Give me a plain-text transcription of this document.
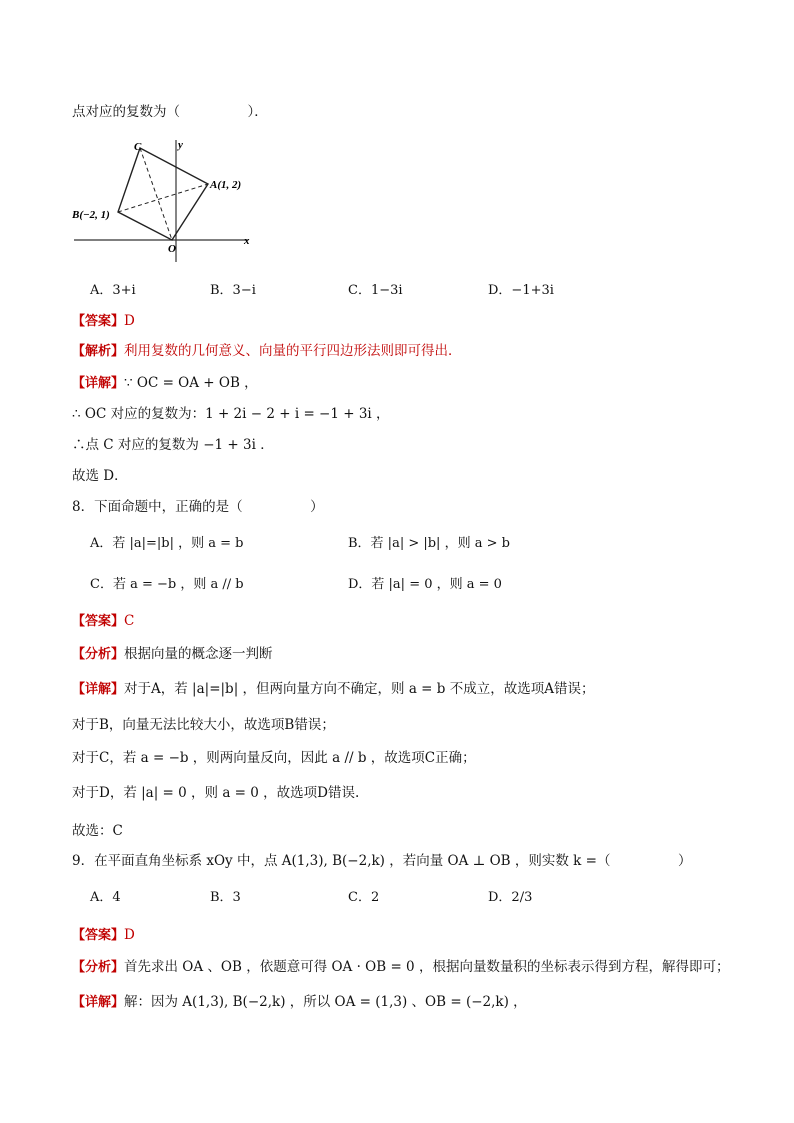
点对应的复数为（　　　　　）．
C
A(1, 2)
B(−2, 1)
O
y
x
A．3+i	B．3−i	C．1−3i	D．−1+3i
【答案】D
【解析】利用复数的几何意义、向量的平行四边形法则即可得出．
【详解】∵ OC = OA + OB ，
∴ OC 对应的复数为：1 + 2i − 2 + i = −1 + 3i ，
∴点 C 对应的复数为 −1 + 3i ．
故选 D．
8．下面命题中，正确的是（　　　　　）
A．若 |a|=|b| ，则 a = b	B．若 |a| > |b| ，则 a > b
C．若 a = −b ，则 a // b	D．若 |a| = 0 ，则 a = 0
【答案】C
【分析】根据向量的概念逐一判断
【详解】对于A，若 |a|=|b| ，但两向量方向不确定，则 a = b 不成立，故选项A错误；
对于B，向量无法比较大小，故选项B错误；
对于C，若 a = −b ，则两向量反向，因此 a // b ，故选项C正确；
对于D，若 |a| = 0 ，则 a = 0 ，故选项D错误.
故选：C
9．在平面直角坐标系 xOy 中，点 A(1,3), B(−2,k) ，若向量 OA ⊥ OB ，则实数 k =（　　　　　）
A．4	B．3	C．2	D．2/3
【答案】D
【分析】首先求出 OA 、OB ，依题意可得 OA · OB = 0 ，根据向量数量积的坐标表示得到方程，解得即可；
【详解】解：因为 A(1,3), B(−2,k) ，所以 OA = (1,3) 、OB = (−2,k) ，
